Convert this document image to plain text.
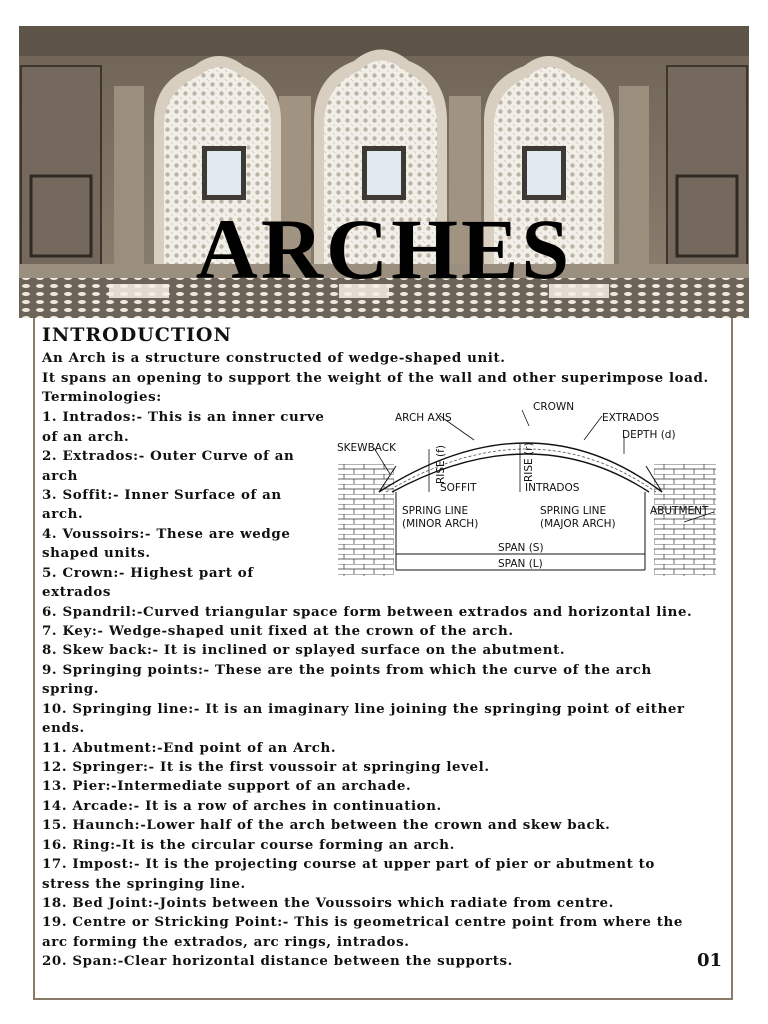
ARCHES
INTRODUCTION
An Arch is a structure constructed of wedge-shaped unit.
It spans an opening to support the weight of the wall and other superimpose load.
Terminologies:
1. Intrados:- This is an inner curve
of an arch.
2. Extrados:- Outer Curve of an
arch
3. Soffit:- Inner Surface of an
arch.
4. Voussoirs:- These are wedge
shaped units.
5. Crown:- Highest part of
extrados
6. Spandril:-Curved triangular space form between extrados and horizontal line.
7. Key:- Wedge-shaped unit fixed at the crown of the arch.
8. Skew back:- It is inclined or splayed surface on the abutment.
9. Springing points:- These are the points from which the curve of the arch
spring.
10. Springing line:- It is an imaginary line joining the springing point of either
ends.
11. Abutment:-End point of an Arch.
12. Springer:- It is the first voussoir at springing level.
13. Pier:-Intermediate support of an archade.
14. Arcade:- It is a row of arches in continuation.
15. Haunch:-Lower half of the arch between the crown and skew back.
16. Ring:-It is the circular course forming an arch.
17. Impost:- It is the projecting course at upper part of pier or abutment to
stress the springing line.
18. Bed Joint:-Joints between the Voussoirs which radiate from centre.
19. Centre or Stricking Point:- This is geometrical centre point from where the
arc forming the extrados, arc rings, intrados.
20. Span:-Clear horizontal distance between the supports.	01
CROWN
ARCH AXIS	EXTRADOS
DEPTH (d)
SKEWBACK	RISE (f)	RISE (r)
SOFFIT	INTRADOS
SPRING LINE
(MINOR ARCH)
SPRING LINE
(MAJOR ARCH)
ABUTMENT
SPAN (S)
SPAN (L)
